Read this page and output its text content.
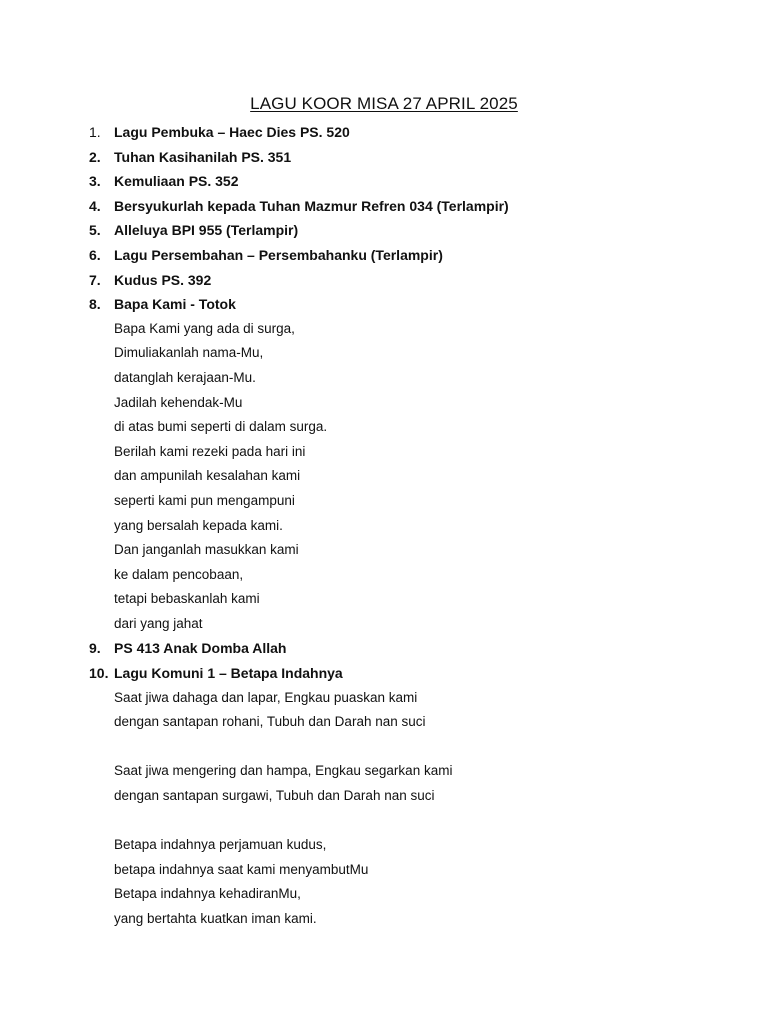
LAGU KOOR MISA 27 APRIL 2025
1. Lagu Pembuka – Haec Dies PS. 520
2. Tuhan Kasihanilah PS. 351
3. Kemuliaan PS. 352
4. Bersyukurlah kepada Tuhan Mazmur Refren 034 (Terlampir)
5. Alleluya BPI 955 (Terlampir)
6. Lagu Persembahan – Persembahanku (Terlampir)
7. Kudus PS. 392
8. Bapa Kami - Totok
Bapa Kami yang ada di surga,
Dimuliakanlah nama-Mu,
datanglah kerajaan-Mu.
Jadilah kehendak-Mu
di atas bumi seperti di dalam surga.
Berilah kami rezeki pada hari ini
dan ampunilah kesalahan kami
seperti kami pun mengampuni
yang bersalah kepada kami.
Dan janganlah masukkan kami
ke dalam pencobaan,
tetapi bebaskanlah kami
dari yang jahat
9. PS 413 Anak Domba Allah
10. Lagu Komuni 1 – Betapa Indahnya
Saat jiwa dahaga dan lapar, Engkau puaskan kami
dengan santapan rohani, Tubuh dan Darah nan suci
Saat jiwa mengering dan hampa, Engkau segarkan kami
dengan santapan surgawi, Tubuh dan Darah nan suci
Betapa indahnya perjamuan kudus,
betapa indahnya saat kami menyambutMu
Betapa indahnya kehadiranMu,
yang bertahta kuatkan iman kami.
